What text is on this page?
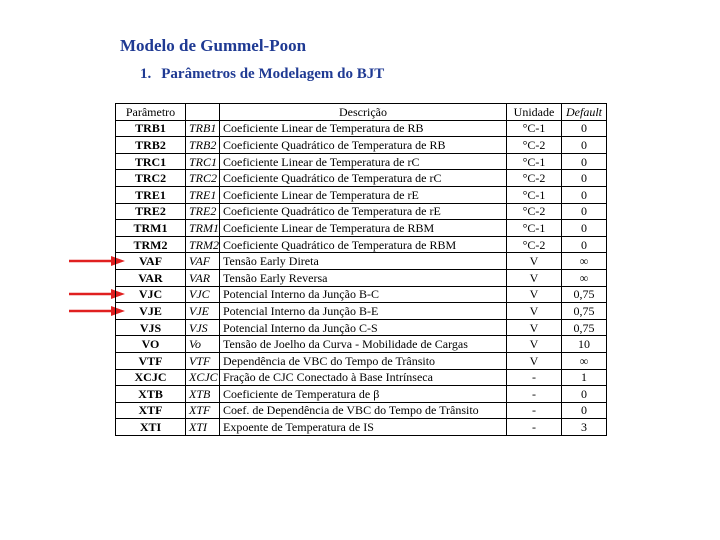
Modelo de Gummel-Poon
1. Parâmetros de Modelagem do BJT
Parâmetro		Descrição	Unidade	Default
TRB1	TRB1	Coeficiente Linear de Temperatura de RB	°C-1	0
TRB2	TRB2	Coeficiente Quadrático de Temperatura de RB	°C-2	0
TRC1	TRC1	Coeficiente Linear de Temperatura de rC	°C-1	0
TRC2	TRC2	Coeficiente Quadrático de Temperatura de rC	°C-2	0
TRE1	TRE1	Coeficiente Linear de Temperatura de rE	°C-1	0
TRE2	TRE2	Coeficiente Quadrático de Temperatura de rE	°C-2	0
TRM1	TRM1	Coeficiente Linear de Temperatura de RBM	°C-1	0
TRM2	TRM2	Coeficiente Quadrático de Temperatura de RBM	°C-2	0
VAF	VAF	Tensão Early Direta	V	∞
VAR	VAR	Tensão Early Reversa	V	∞
VJC	VJC	Potencial Interno da Junção B-C	V	0,75
VJE	VJE	Potencial Interno da Junção B-E	V	0,75
VJS	VJS	Potencial Interno da Junção C-S	V	0,75
VO	Vo	Tensão de Joelho da Curva - Mobilidade de Cargas	V	10
VTF	VTF	Dependência de VBC do Tempo de Trânsito	V	∞
XCJC	XCJC	Fração de CJC Conectado à Base Intrínseca	-	1
XTB	XTB	Coeficiente de Temperatura de β	-	0
XTF	XTF	Coef. de Dependência de VBC do Tempo de Trânsito	-	0
XTI	XTI	Expoente de Temperatura de IS	-	3
